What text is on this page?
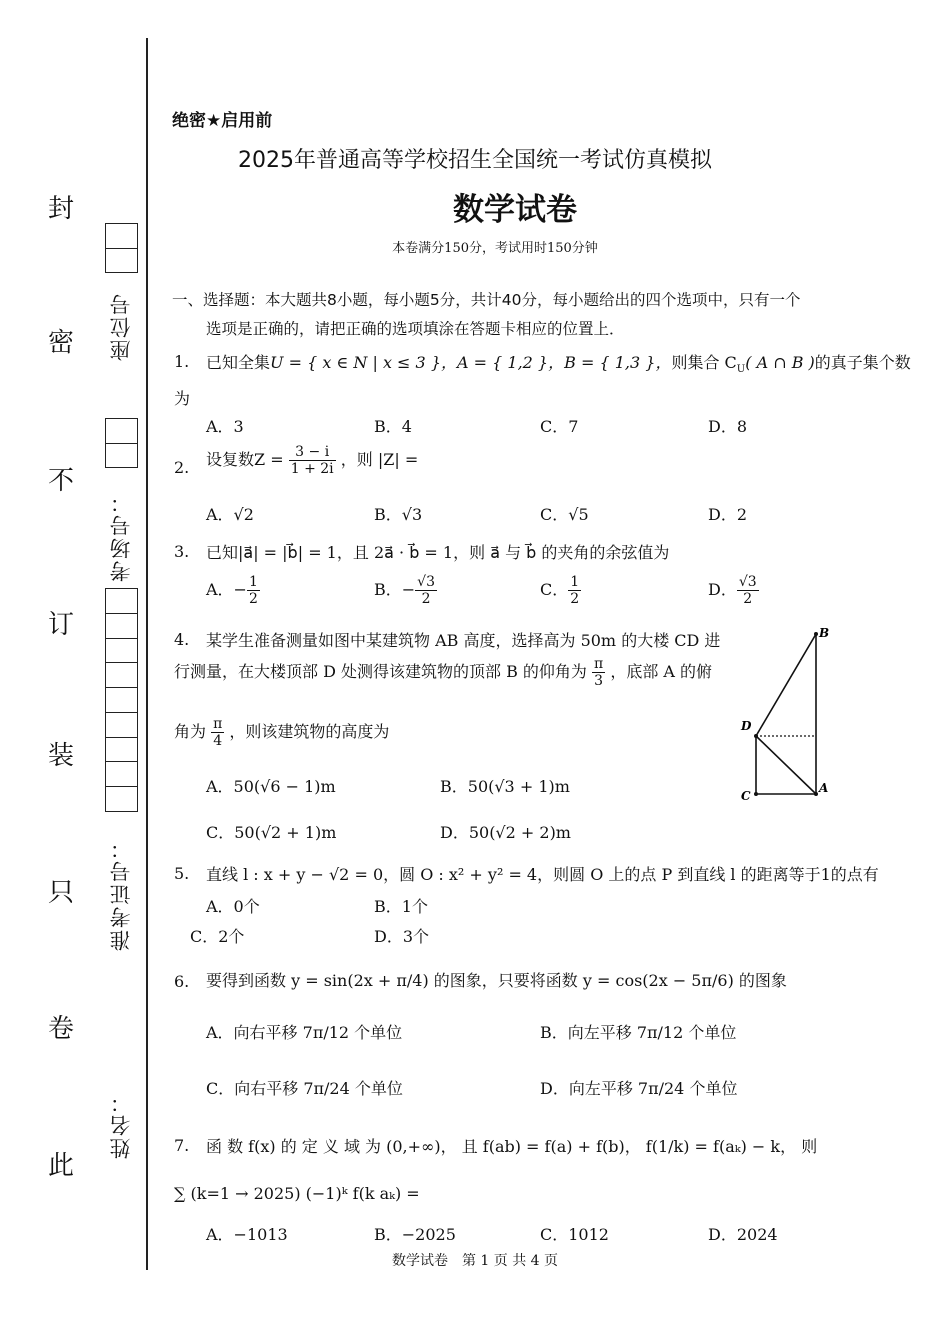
封
密
不
订
装
只
卷
此
座位号
考场号：
准考证号：
姓名：
绝密★启用前
2025年普通高等学校招生全国统一考试仿真模拟
数学试卷
本卷满分150分，考试用时150分钟
一、选择题：本大题共8小题，每小题5分，共计40分，每小题给出的四个选项中，只有一个
选项是正确的，请把正确的选项填涂在答题卡相应的位置上．
1. 已知全集U = { x ∈ N | x ≤ 3 }，A = { 1,2 }，B = { 1,3 }，则集合 $C_U$( A ∩ B )的真子集个数
为
A．3	B．4	C．7	D．8
2. 设复数$Z = \frac{3 - i}{1 + 2i}$ ，则 |Z| =
A．√2	B．√3	C．√5	D．2
3. 已知|a⃗| = |b⃗| = 1，且 2a⃗ · b⃗ = 1，则 a⃗ 与 b⃗ 的夹角的余弦值为
A．− $\frac{1}{2}$	B．− $\frac{√3}{2}$	C． $\frac{1}{2}$	D． $\frac{√3}{2}$
4. 某学生准备测量如图中某建筑物 AB 高度，选择高为 50m 的大楼 CD 进
行测量，在大楼顶部 D 处测得该建筑物的顶部 B 的仰角为 $\frac{\pi}{3}$ ，底部 A 的俯
角为 $\frac{\pi}{4}$ ，则该建筑物的高度为
A．50(√6 − 1)m	B．50(√3 + 1)m
C．50(√2 + 1)m	D．50(√2 + 2)m
B
D
C
A
5. 直线 l : x + y − √2 = 0，圆 O : x² + y² = 4，则圆 O 上的点 P 到直线 l 的距离等于1的点有
A．0个	B．1个
C．2个	D．3个
6. 要得到函数 y = sin(2x + π/4) 的图象，只要将函数 y = cos(2x − 5π/6) 的图象
A．向右平移 7π/12 个单位	B．向左平移 7π/12 个单位
C．向右平移 7π/24 个单位	D．向左平移 7π/24 个单位
7. 函 数 f(x) 的 定 义 域 为 (0,+∞)， 且 f(ab) = f(a) + f(b)， f(1/k) = f(aₖ) − k， 则
∑ (k=1 → 2025) (−1)ᵏ f(k aₖ) =
A．−1013	B．−2025	C．1012	D．2024
数学试卷　第 1 页 共 4 页
